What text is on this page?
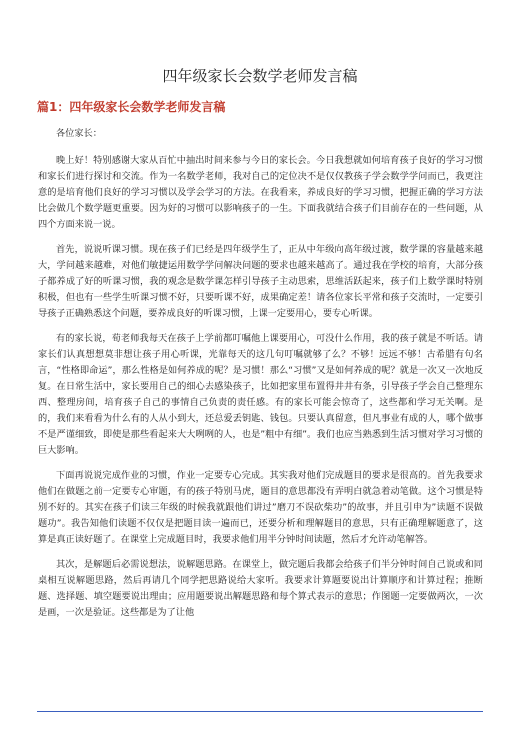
四年级家长会数学老师发言稿
篇1：四年级家长会数学老师发言稿
各位家长：

晚上好！特别感谢大家从百忙中抽出时间来参与今日的家长会。今日我想就如何培育孩子良好的学习习惯和家长们进行探讨和交流。作为一名数学老师，我对自己的定位决不是仅仅教孩子学会数学学问而已，我更注意的是培育他们良好的学习习惯以及学会学习的方法。在我看来，养成良好的学习习惯，把握正确的学习方法比会做几个数学题更重要。因为好的习惯可以影响孩子的一生。下面我就结合孩子们目前存在的一些问题，从四个方面来说一说。

首先，说说听课习惯。现在孩子们已经是四年级学生了，正从中年级向高年级过渡，数学课的容量越来越大，学问越来越难，对他们敏捷运用数学学问解决问题的要求也越来越高了。通过我在学校的培育，大部分孩子都养成了好的听课习惯，我的观念是数学课怎样引导孩子主动思索，思维活跃起来，孩子们上数学课时特别积极，但也有一些学生听课习惯不好，只要听课不好，成果确定差！请各位家长平常和孩子交流时，一定要引导孩子正确熟悉这个问题，要养成良好的听课习惯，上课一定要用心，要专心听课。

有的家长说，荀老师我每天在孩子上学前都叮嘱他上课要用心，可没什么作用，我的孩子就是不听话。请家长们认真想想莫非想让孩子用心听课，光靠每天的这几句叮嘱就够了么？不够！远远不够！古希腊有句名言，“性格即命运”，那么性格是如何养成的呢？是习惯！那么“习惯”又是如何养成的呢？就是一次又一次地反复。在日常生活中，家长要用自己的细心去感染孩子，比如把家里布置得井井有条，引导孩子学会自己整理东西、整理房间，培育孩子自己的事情自己负责的责任感。有的家长可能会惊奇了，这些都和学习无关啊。是的，我们来看看为什么有的人从小到大，还总爱丢钥匙、钱包。只要认真留意，但凡事业有成的人，哪个做事不是严谨细致，即使是那些看起来大大咧咧的人，也是”粗中有细”。我们也应当熟悉到生活习惯对学习习惯的巨大影响。

下面再说说完成作业的习惯，作业一定要专心完成。其实我对他们完成题目的要求是很高的。首先我要求他们在做题之前一定要专心审题，有的孩子特别马虎，题目的意思都没有弄明白就急着动笔做。这个习惯是特别不好的。其实在孩子们读三年级的时候我就跟他们讲过”磨刀不误砍柴功”的故事，并且引申为”读题不误做题功”。我告知他们读题不仅仅是把题目读一遍而已，还要分析和理解题目的意思，只有正确理解题意了，这算是真正读好题了。在课堂上完成题目时，我要求他们用半分钟时间读题，然后才允许动笔解答。

其次，是解题后必需说想法，说解题思路。在课堂上，做完题后我都会给孩子们半分钟时间自己说或和同桌相互说解题思路，然后再请几个同学把思路说给大家听。我要求计算题要说出计算顺序和计算过程；推断题、选择题、填空题要说出理由；应用题要说出解题思路和每个算式表示的意思；作图题一定要做两次，一次是画，一次是验证。这些都是为了让他
